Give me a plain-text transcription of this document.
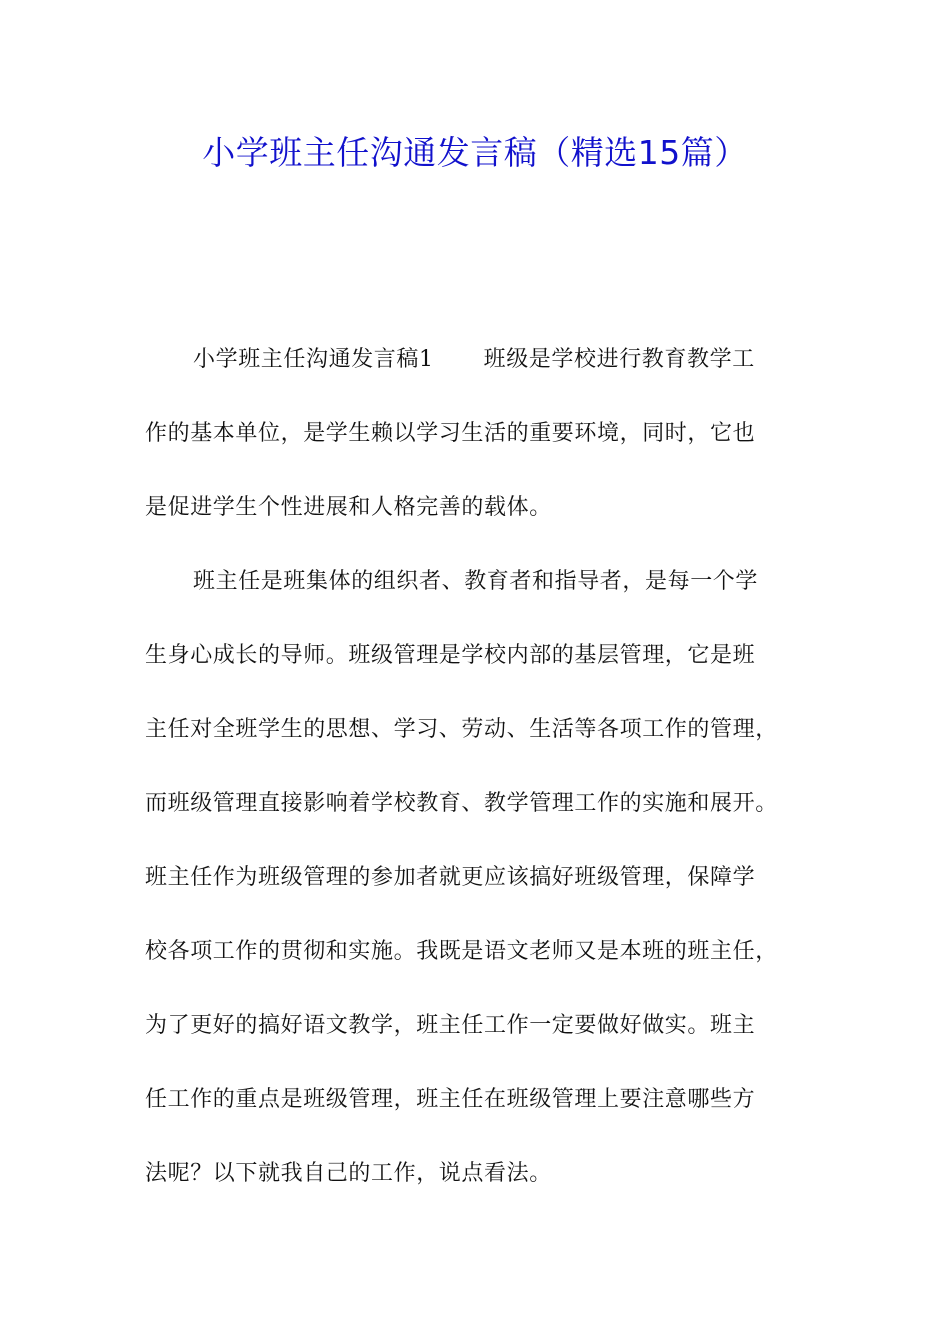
小学班主任沟通发言稿（精选15篇）
小学班主任沟通发言稿1 班级是学校进行教育教学工
作的基本单位，是学生赖以学习生活的重要环境，同时，它也
是促进学生个性进展和人格完善的载体。
班主任是班集体的组织者、教育者和指导者，是每一个学
生身心成长的导师。班级管理是学校内部的基层管理，它是班
主任对全班学生的思想、学习、劳动、生活等各项工作的管理，
而班级管理直接影响着学校教育、教学管理工作的实施和展开。
班主任作为班级管理的参加者就更应该搞好班级管理，保障学
校各项工作的贯彻和实施。我既是语文老师又是本班的班主任，
为了更好的搞好语文教学，班主任工作一定要做好做实。班主
任工作的重点是班级管理，班主任在班级管理上要注意哪些方
法呢？以下就我自己的工作，说点看法。
